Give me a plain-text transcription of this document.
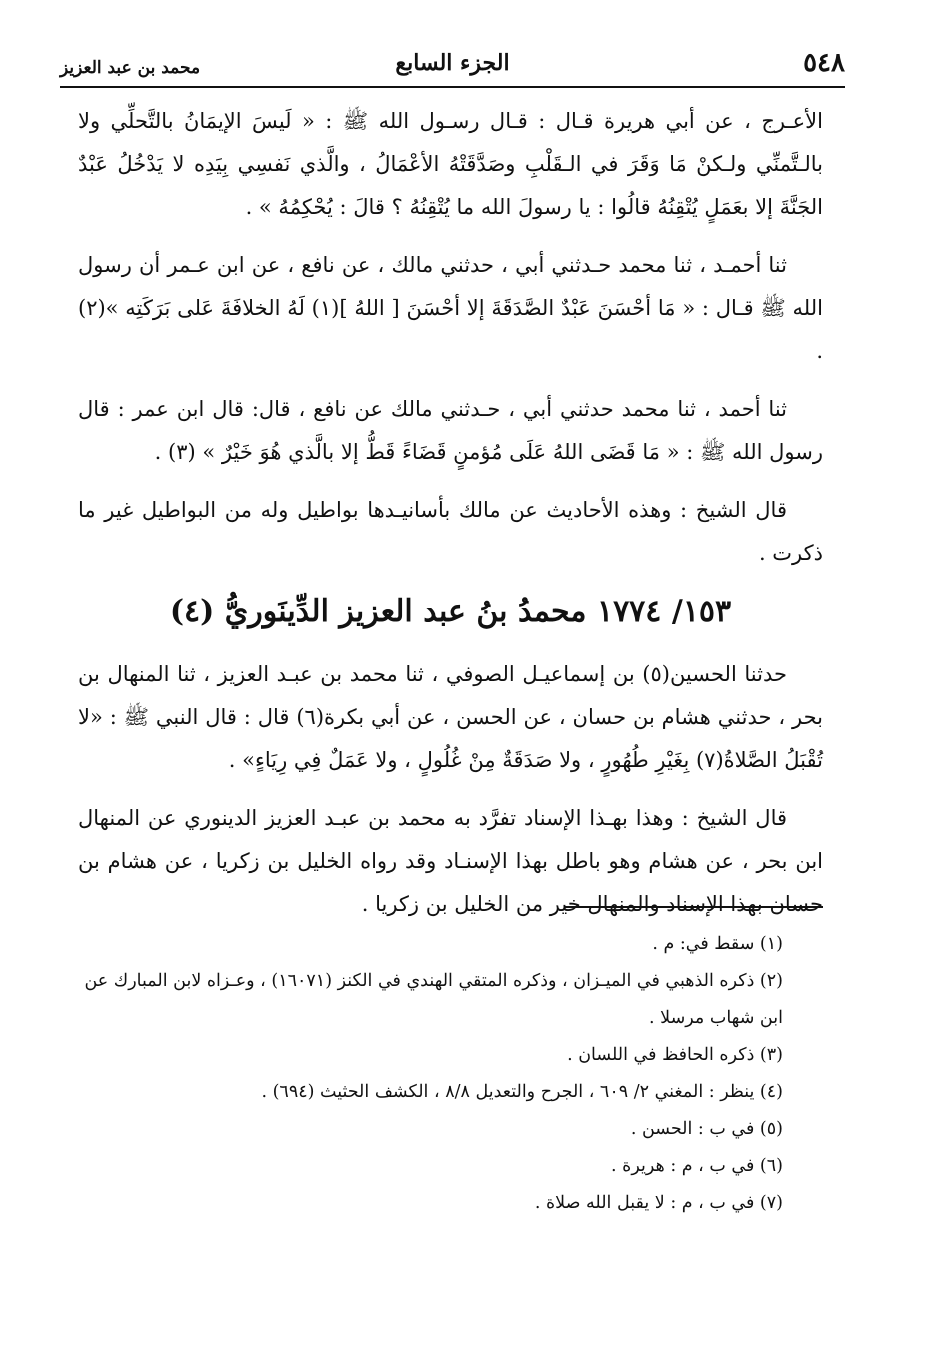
٥٤٨
الجزء السابع
محمد بن عبد العزيز

الأعـرج ، عن أبي هريرة قـال : قـال رسـول الله ﷺ : « لَيسَ الإيمَانُ بالتَّحلِّي ولا بالـتَّمنِّي ولـكنْ مَا وَقَرَ في الـقَلْبِ وصَدَّقَتْهُ الأعْمَالُ ، والَّذي نَفسِي بِيَدِه لا يَدْخُلُ عَبْدٌ الجَنَّةَ إلا بعَمَلٍ يُتْقِنُهُ قالُوا : يا رسولَ الله ما يُتْقِنُهُ ؟ قالَ : يُحْكِمُهُ » .

ثنا أحمـد ، ثنا محمد حـدثني أبي ، حدثني مالك ، عن نافع ، عن ابن عـمر أن رسول الله ﷺ قـال : « مَا أحْسَنَ عَبْدٌ الصَّدَقَةَ إلا أحْسَنَ [ اللهُ ](١) لَهُ الخلافَةَ عَلى بَرَكَتِه »(٢) .

ثنا أحمد ، ثنا محمد حدثني أبي ، حـدثني مالك عن نافع ، قال: قال ابن عمر : قال رسول الله ﷺ : « مَا قَضَى اللهُ عَلَى مُؤمنٍ قَضَاءً قَطُّ إلا بالَّذي هُوَ خَيْرٌ » (٣) .

قال الشيخ : وهذه الأحاديث عن مالك بأسانيـدها بواطيل وله من البواطيل غير ما ذكرت .

١٥٣/ ١٧٧٤ محمدُ بنُ عبد العزيز الدِّينَوريُّ (٤)

حدثنا الحسين(٥) بن إسماعيـل الصوفي ، ثنا محمد بن عبـد العزيز ، ثنا المنهال بن بحر ، حدثني هشام بن حسان ، عن الحسن ، عن أبي بكرة(٦) قال : قال النبي ﷺ : «لا تُقْبَلُ الصَّلاةُ(٧) بِغَيْرِ طُهُورٍ ، ولا صَدَقَةٌ مِنْ غُلُولٍ ، ولا عَمَلٌ فِي رِيَاءٍ» .

قال الشيخ : وهذا بهـذا الإسناد تفرَّد به محمد بن عبـد العزيز الدينوري عن المنهال ابن بحر ، عن هشام وهو باطل بهذا الإسنـاد وقد رواه الخليل بن زكريا ، عن هشام بن حسان بهذا الإسناد والمنهال خير من الخليل بن زكريا .

(١) سقط في: م .
(٢) ذكره الذهبي في الميـزان ، وذكره المتقي الهندي في الكنز (١٦٠٧١) ، وعـزاه لابن المبارك عن ابن شهاب مرسلا .
(٣) ذكره الحافظ في اللسان .
(٤) ينظر : المغني ٢/ ٦٠٩ ، الجرح والتعديل ٨/٨ ، الكشف الحثيث (٦٩٤) .
(٥) في ب : الحسن .
(٦) في ب ، م : هريرة .
(٧) في ب ، م : لا يقبل الله صلاة .
